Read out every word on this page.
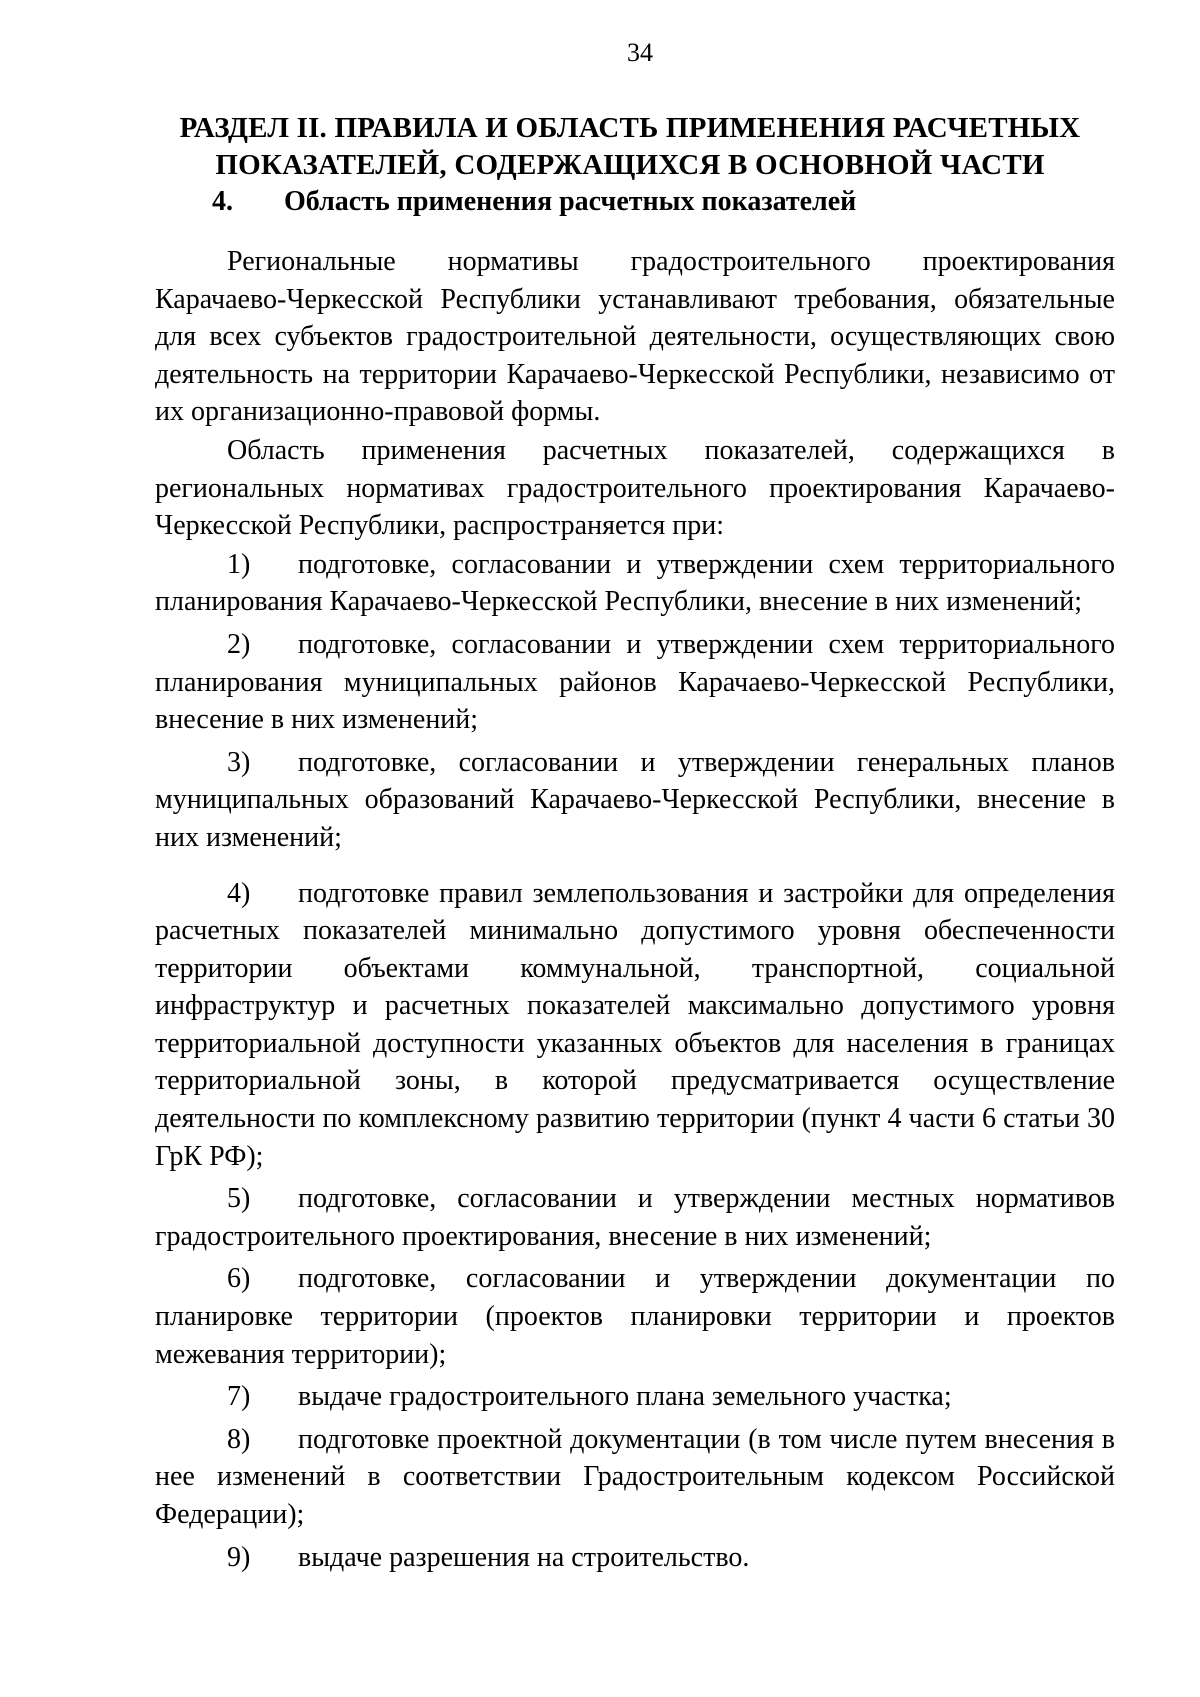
34
РАЗДЕЛ II. ПРАВИЛА И ОБЛАСТЬ ПРИМЕНЕНИЯ РАСЧЕТНЫХ
ПОКАЗАТЕЛЕЙ, СОДЕРЖАЩИХСЯ В ОСНОВНОЙ ЧАСТИ
4. Область применения расчетных показателей

Региональные нормативы градостроительного проектирования Карачаево-Черкесской Республики устанавливают требования, обязательные для всех субъектов градостроительной деятельности, осуществляющих свою деятельность на территории Карачаево-Черкесской Республики, независимо от их организационно-правовой формы.

Область применения расчетных показателей, содержащихся в региональных нормативах градостроительного проектирования Карачаево-Черкесской Республики, распространяется при:

1) подготовке, согласовании и утверждении схем территориального планирования Карачаево-Черкесской Республики, внесение в них изменений;

2) подготовке, согласовании и утверждении схем территориального планирования муниципальных районов Карачаево-Черкесской Республики, внесение в них изменений;

3) подготовке, согласовании и утверждении генеральных планов муниципальных образований Карачаево-Черкесской Республики, внесение в них изменений;

4) подготовке правил землепользования и застройки для определения расчетных показателей минимально допустимого уровня обеспеченности территории объектами коммунальной, транспортной, социальной инфраструктур и расчетных показателей максимально допустимого уровня территориальной доступности указанных объектов для населения в границах территориальной зоны, в которой предусматривается осуществление деятельности по комплексному развитию территории (пункт 4 части 6 статьи 30 ГрК РФ);

5) подготовке, согласовании и утверждении местных нормативов градостроительного проектирования, внесение в них изменений;

6) подготовке, согласовании и утверждении документации по планировке территории (проектов планировки территории и проектов межевания территории);

7) выдаче градостроительного плана земельного участка;

8) подготовке проектной документации (в том числе путем внесения в нее изменений в соответствии Градостроительным кодексом Российской Федерации);

9) выдаче разрешения на строительство.
